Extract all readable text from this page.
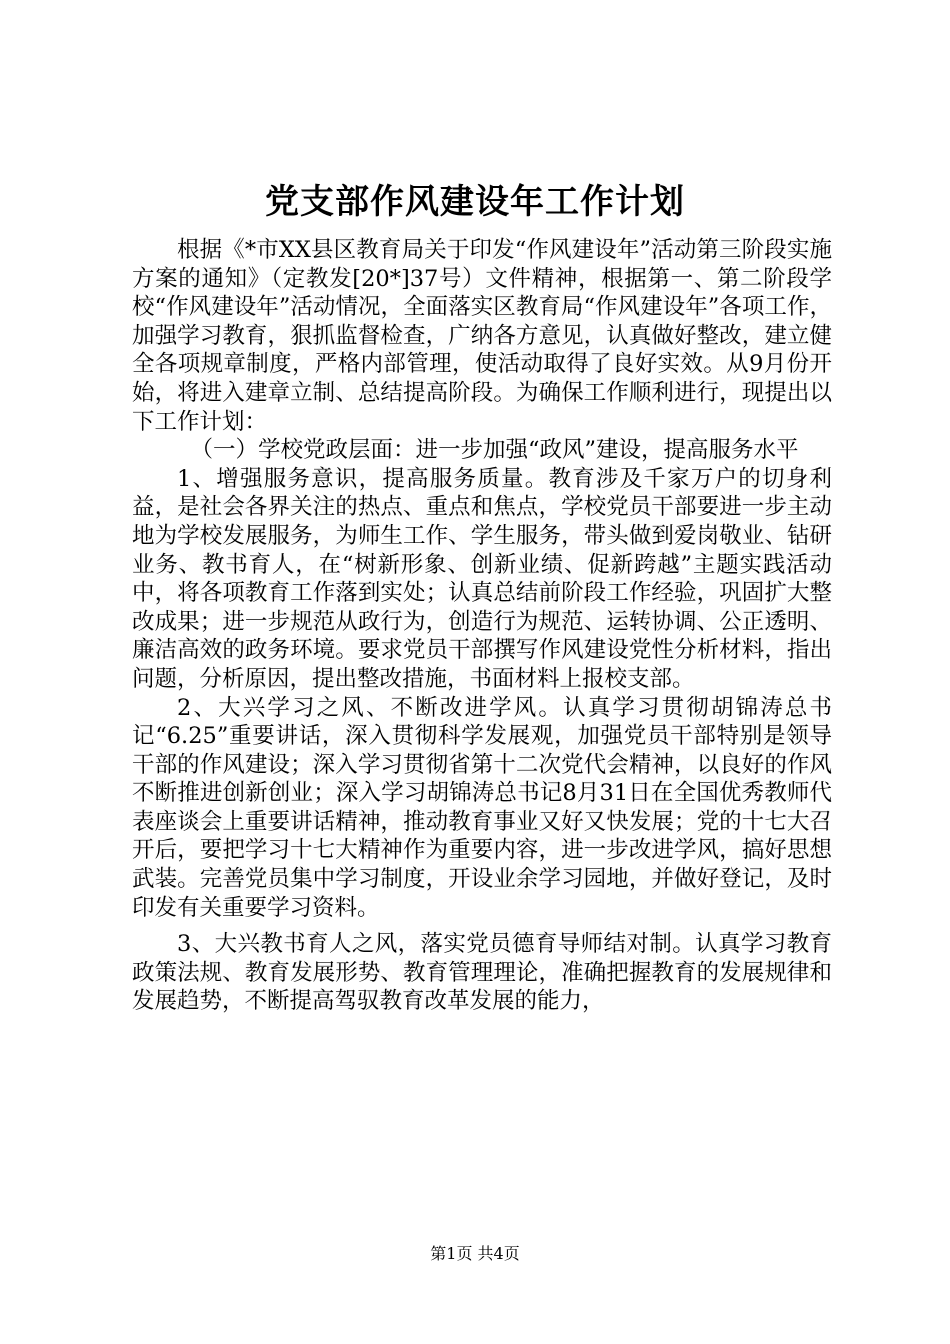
党支部作风建设年工作计划

根据《*市XX县区教育局关于印发“作风建设年”活动第三阶段实施方案的通知》（定教发[20*]37号）文件精神，根据第一、第二阶段学校“作风建设年”活动情况，全面落实区教育局“作风建设年”各项工作，加强学习教育，狠抓监督检查，广纳各方意见，认真做好整改，建立健全各项规章制度，严格内部管理，使活动取得了良好实效。从9月份开始，将进入建章立制、总结提高阶段。为确保工作顺利进行，现提出以下工作计划：

（一）学校党政层面：进一步加强“政风”建设，提高服务水平

1、增强服务意识，提高服务质量。教育涉及千家万户的切身利益，是社会各界关注的热点、重点和焦点，学校党员干部要进一步主动地为学校发展服务，为师生工作、学生服务，带头做到爱岗敬业、钻研业务、教书育人，在“树新形象、创新业绩、促新跨越”主题实践活动中，将各项教育工作落到实处；认真总结前阶段工作经验，巩固扩大整改成果；进一步规范从政行为，创造行为规范、运转协调、公正透明、廉洁高效的政务环境。要求党员干部撰写作风建设党性分析材料，指出问题，分析原因，提出整改措施，书面材料上报校支部。

2、大兴学习之风、不断改进学风。认真学习贯彻胡锦涛总书记“6.25”重要讲话，深入贯彻科学发展观，加强党员干部特别是领导干部的作风建设；深入学习贯彻省第十二次党代会精神，以良好的作风不断推进创新创业；深入学习胡锦涛总书记8月31日在全国优秀教师代表座谈会上重要讲话精神，推动教育事业又好又快发展；党的十七大召开后，要把学习十七大精神作为重要内容，进一步改进学风，搞好思想武装。完善党员集中学习制度，开设业余学习园地，并做好登记，及时印发有关重要学习资料。

3、大兴教书育人之风，落实党员德育导师结对制。认真学习教育政策法规、教育发展形势、教育管理理论，准确把握教育的发展规律和发展趋势，不断提高驾驭教育改革发展的能力，

第1页 共4页
